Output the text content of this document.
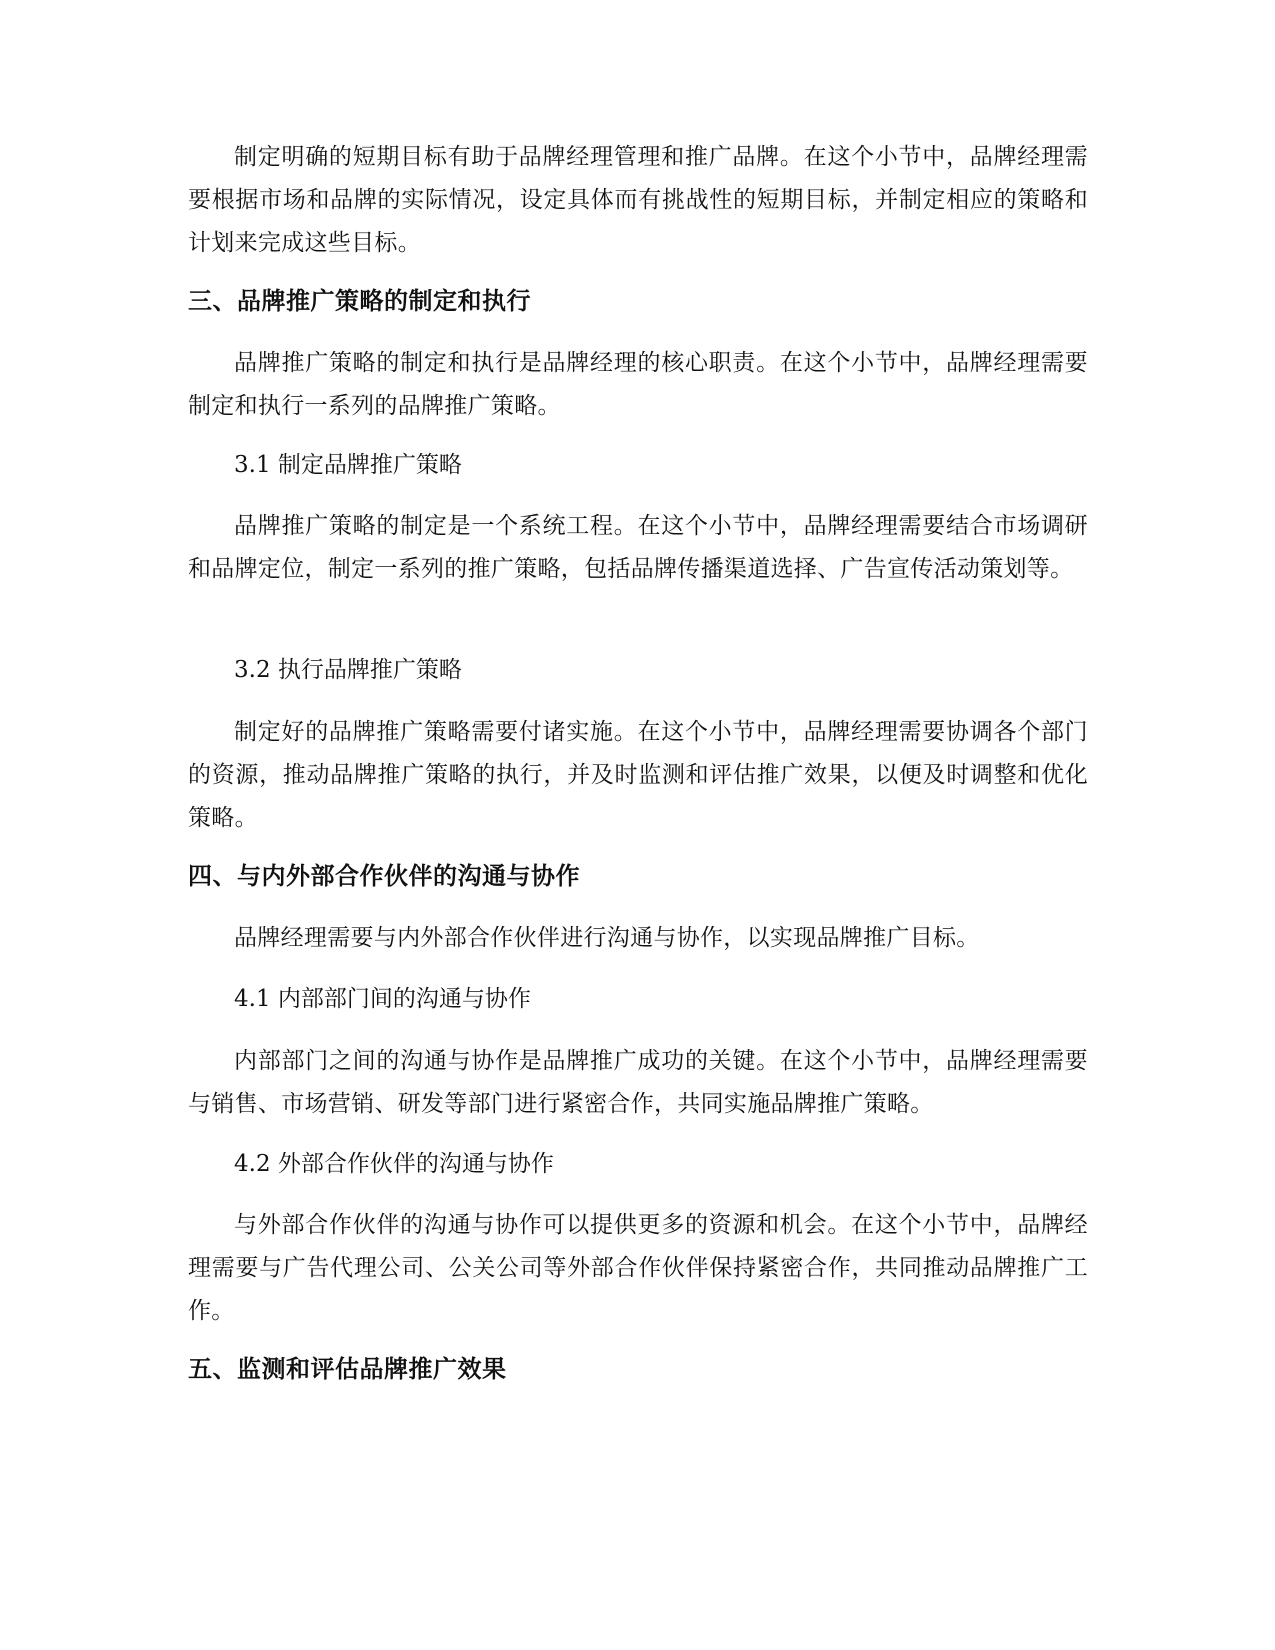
制定明确的短期目标有助于品牌经理管理和推广品牌。在这个小节中，品牌经理需要根据市场和品牌的实际情况，设定具体而有挑战性的短期目标，并制定相应的策略和计划来完成这些目标。

三、品牌推广策略的制定和执行

品牌推广策略的制定和执行是品牌经理的核心职责。在这个小节中，品牌经理需要制定和执行一系列的品牌推广策略。

3.1 制定品牌推广策略

品牌推广策略的制定是一个系统工程。在这个小节中，品牌经理需要结合市场调研和品牌定位，制定一系列的推广策略，包括品牌传播渠道选择、广告宣传活动策划等。

3.2 执行品牌推广策略

制定好的品牌推广策略需要付诸实施。在这个小节中，品牌经理需要协调各个部门的资源，推动品牌推广策略的执行，并及时监测和评估推广效果，以便及时调整和优化策略。

四、与内外部合作伙伴的沟通与协作

品牌经理需要与内外部合作伙伴进行沟通与协作，以实现品牌推广目标。

4.1 内部部门间的沟通与协作

内部部门之间的沟通与协作是品牌推广成功的关键。在这个小节中，品牌经理需要与销售、市场营销、研发等部门进行紧密合作，共同实施品牌推广策略。

4.2 外部合作伙伴的沟通与协作

与外部合作伙伴的沟通与协作可以提供更多的资源和机会。在这个小节中，品牌经理需要与广告代理公司、公关公司等外部合作伙伴保持紧密合作，共同推动品牌推广工作。

五、监测和评估品牌推广效果
